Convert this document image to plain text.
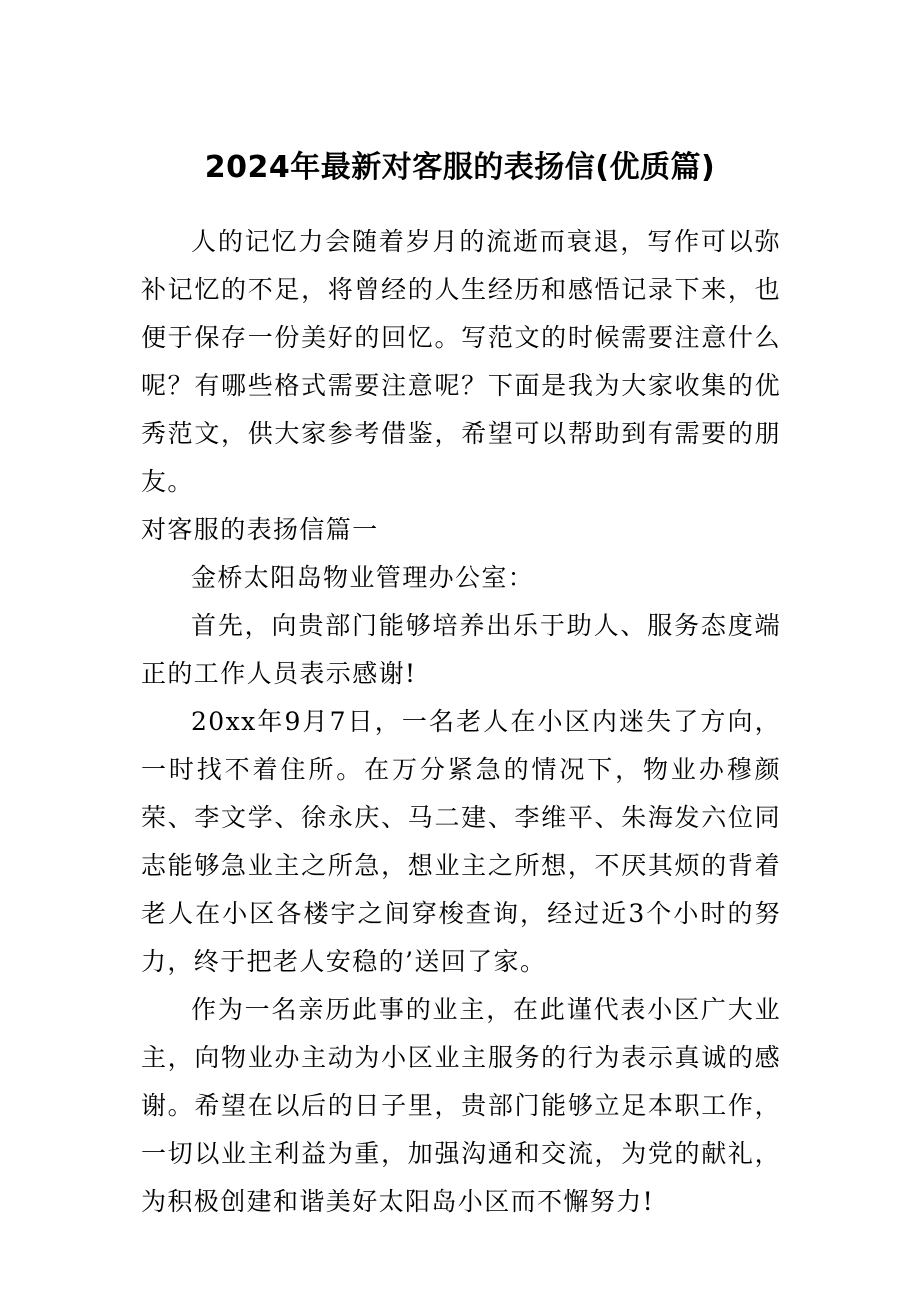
2024年最新对客服的表扬信(优质篇)

人的记忆力会随着岁月的流逝而衰退，写作可以弥补记忆的不足，将曾经的人生经历和感悟记录下来，也便于保存一份美好的回忆。写范文的时候需要注意什么呢？有哪些格式需要注意呢？下面是我为大家收集的优秀范文，供大家参考借鉴，希望可以帮助到有需要的朋友。

对客服的表扬信篇一

金桥太阳岛物业管理办公室：

首先，向贵部门能够培养出乐于助人、服务态度端正的工作人员表示感谢!

20xx年9月7日，一名老人在小区内迷失了方向，一时找不着住所。在万分紧急的情况下，物业办穆颜荣、李文学、徐永庆、马二建、李维平、朱海发六位同志能够急业主之所急，想业主之所想，不厌其烦的背着老人在小区各楼宇之间穿梭查询，经过近3个小时的努力，终于把老人安稳的’送回了家。

作为一名亲历此事的业主，在此谨代表小区广大业主，向物业办主动为小区业主服务的行为表示真诚的感谢。希望在以后的日子里，贵部门能够立足本职工作，一切以业主利益为重，加强沟通和交流，为党的献礼，为积极创建和谐美好太阳岛小区而不懈努力!
